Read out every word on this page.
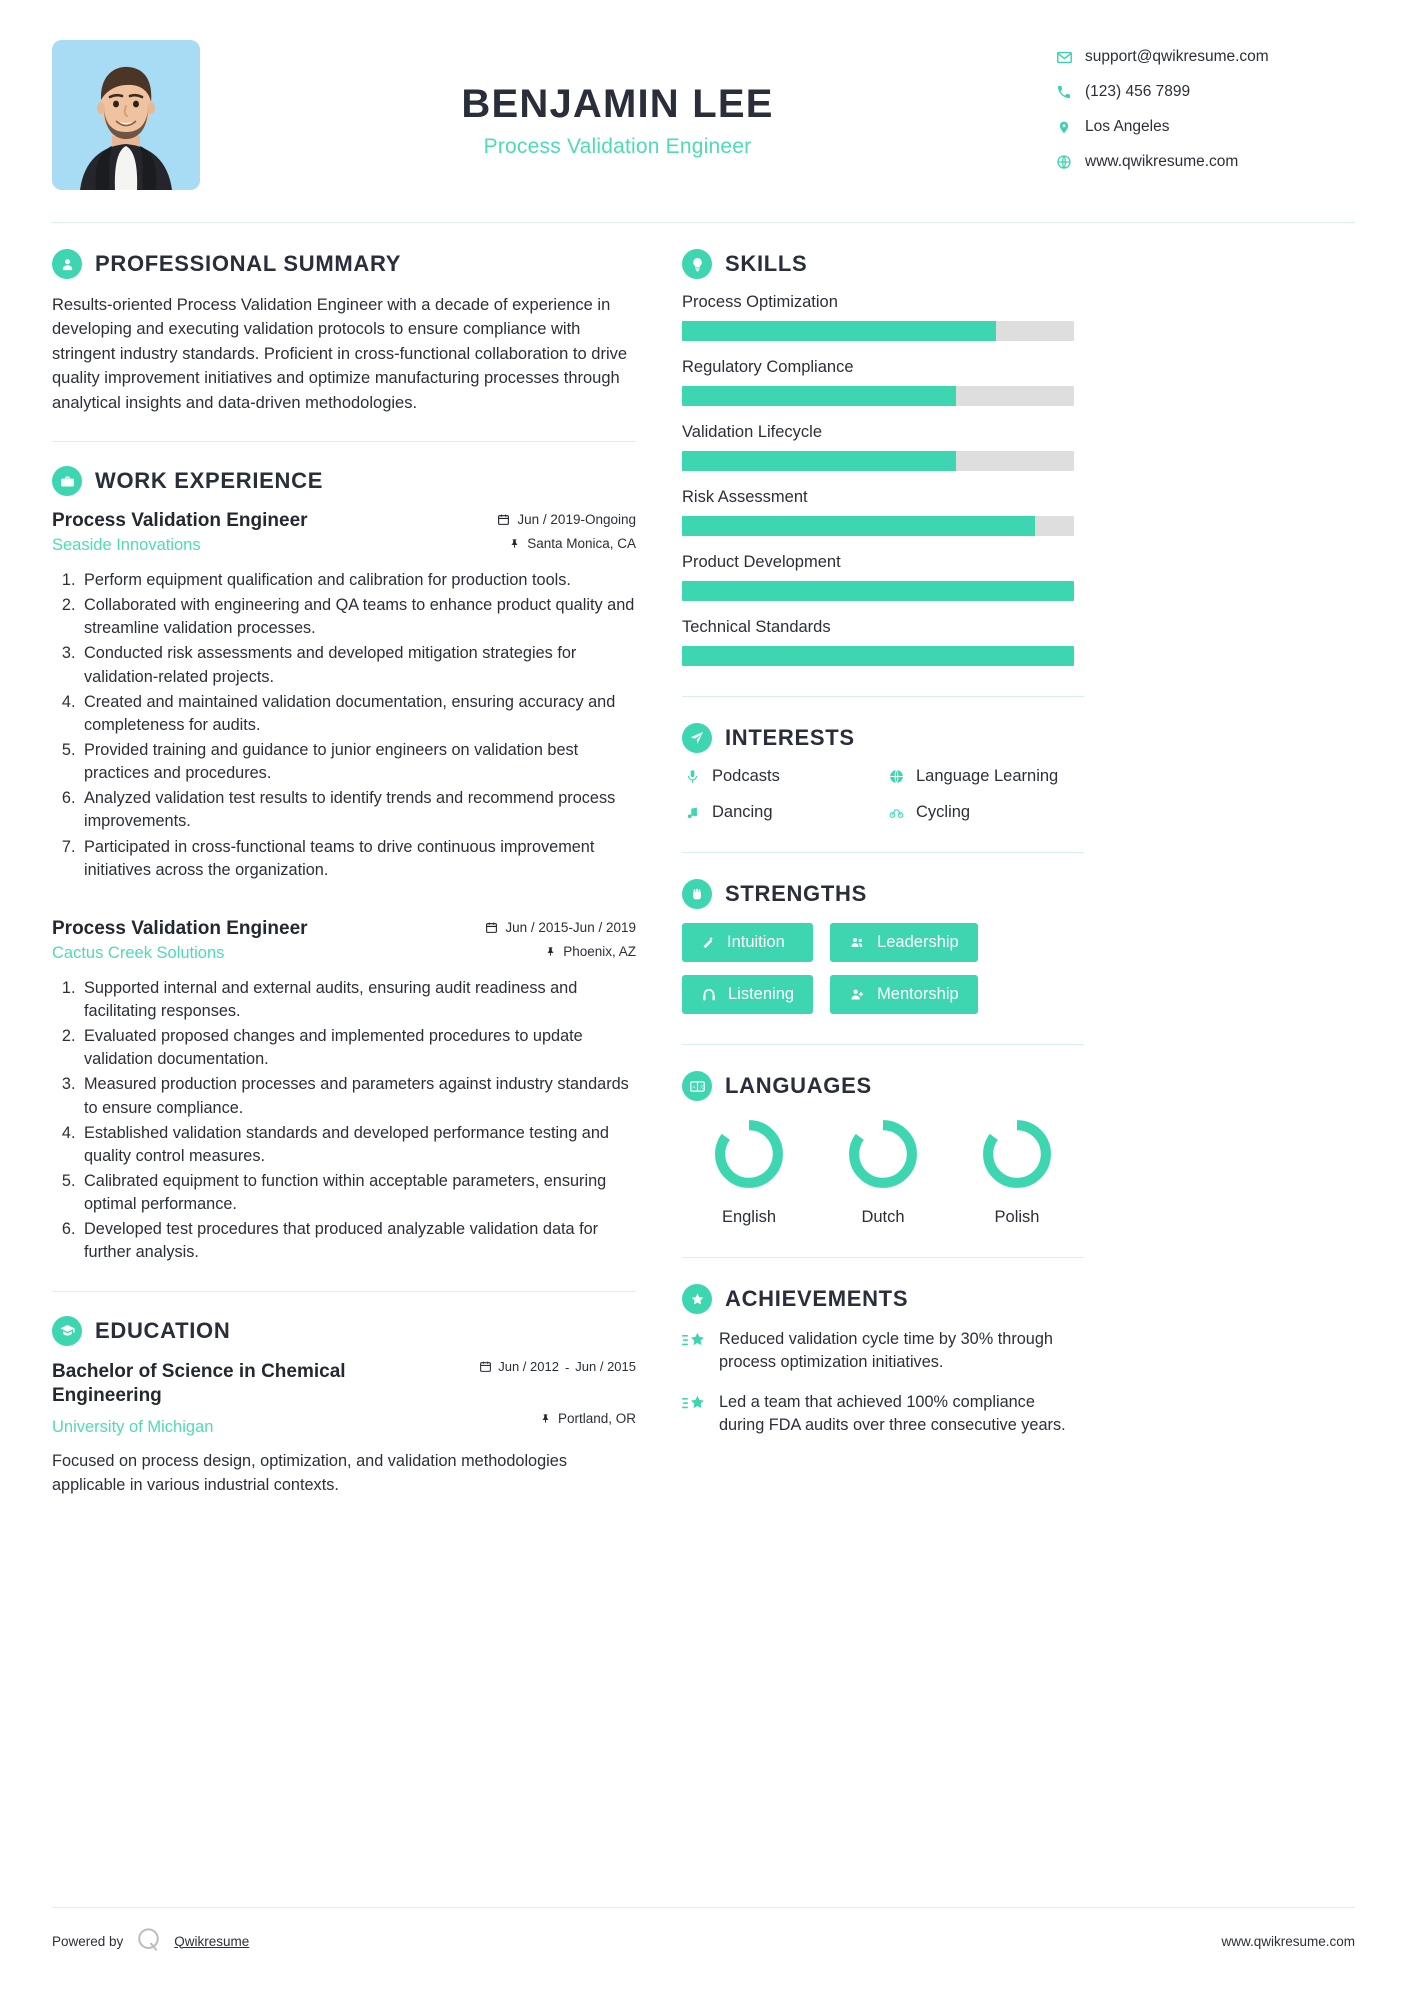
BENJAMIN LEE
Process Validation Engineer
support@qwikresume.com
(123) 456 7899
Los Angeles
www.qwikresume.com
PROFESSIONAL SUMMARY

Results-oriented Process Validation Engineer with a decade of experience in developing and executing validation protocols to ensure compliance with stringent industry standards. Proficient in cross-functional collaboration to drive quality improvement initiatives and optimize manufacturing processes through analytical insights and data-driven methodologies.

WORK EXPERIENCE
Process Validation Engineer	Jun / 2019-Ongoing
Seaside Innovations	Santa Monica, CA
1. Perform equipment qualification and calibration for production tools.
2. Collaborated with engineering and QA teams to enhance product quality and streamline validation processes.
3. Conducted risk assessments and developed mitigation strategies for validation-related projects.
4. Created and maintained validation documentation, ensuring accuracy and completeness for audits.
5. Provided training and guidance to junior engineers on validation best practices and procedures.
6. Analyzed validation test results to identify trends and recommend process improvements.
7. Participated in cross-functional teams to drive continuous improvement initiatives across the organization.
Process Validation Engineer	Jun / 2015-Jun / 2019
Cactus Creek Solutions	Phoenix, AZ
1. Supported internal and external audits, ensuring audit readiness and facilitating responses.
2. Evaluated proposed changes and implemented procedures to update validation documentation.
3. Measured production processes and parameters against industry standards to ensure compliance.
4. Established validation standards and developed performance testing and quality control measures.
5. Calibrated equipment to function within acceptable parameters, ensuring optimal performance.
6. Developed test procedures that produced analyzable validation data for further analysis.
EDUCATION
Bachelor of Science in Chemical Engineering
Jun / 2012 - Jun / 2015
University of Michigan	Portland, OR

Focused on process design, optimization, and validation methodologies applicable in various industrial contexts.

SKILLS
Process Optimization
Regulatory Compliance
Validation Lifecycle
Risk Assessment
Product Development
Technical Standards
INTERESTS
Podcasts	Language Learning
Dancing	Cycling
STRENGTHS
Intuition	Leadership
Listening	Mentorship
A 文 LANGUAGES
English	Dutch	Polish
ACHIEVEMENTS
Reduced validation cycle time by 30% through process optimization initiatives.
Led a team that achieved 100% compliance during FDA audits over three consecutive years.
Powered by	Qwikresume	www.qwikresume.com
